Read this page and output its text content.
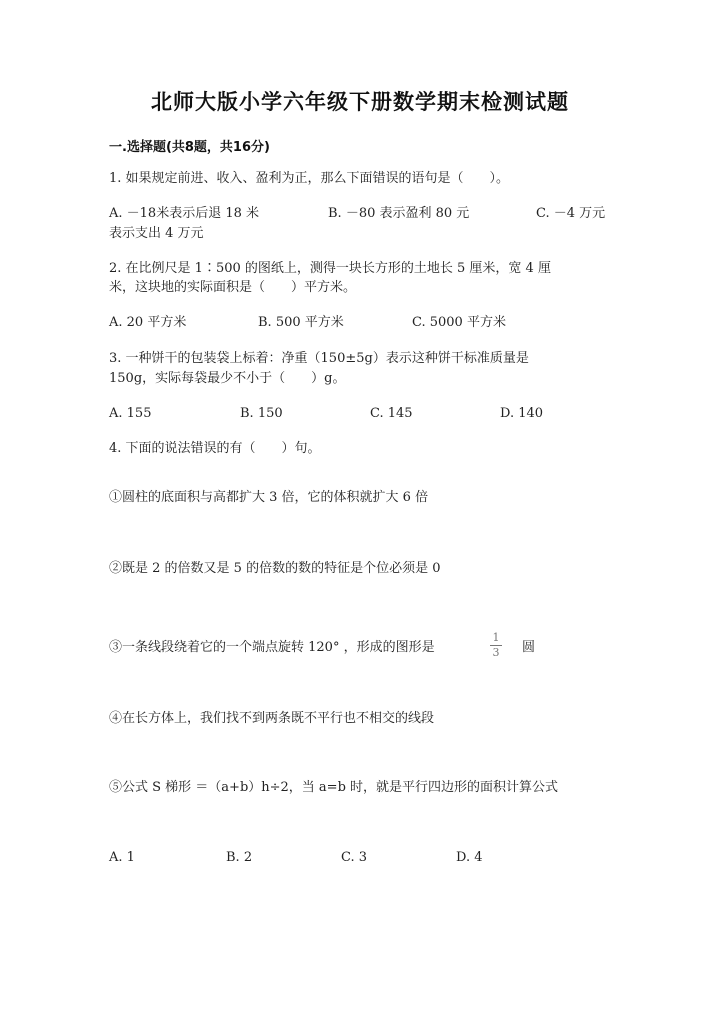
北师大版小学六年级下册数学期末检测试题
一.选择题(共8题，共16分)
1. 如果规定前进、收入、盈利为正，那么下面错误的语句是（　　）。
A. －18米表示后退 18 米	B. －80 表示盈利 80 元	C. －4 万元
表示支出 4 万元
2. 在比例尺是 1∶500 的图纸上，测得一块长方形的土地长 5 厘米，宽 4 厘
米，这块地的实际面积是（　　）平方米。
A. 20 平方米	B. 500 平方米	C. 5000 平方米
3. 一种饼干的包装袋上标着：净重（150±5g）表示这种饼干标准质量是
150g，实际每袋最少不小于（　　）g。
A. 155	B. 150	C. 145	D. 140
4. 下面的说法错误的有（　　）句。
①圆柱的底面积与高都扩大 3 倍，它的体积就扩大 6 倍
②既是 2 的倍数又是 5 的倍数的数的特征是个位必须是 0
③一条线段绕着它的一个端点旋转 120° ，形成的图形是
1
3	圆
④在长方体上，我们找不到两条既不平行也不相交的线段
⑤公式 S 梯形 ＝（a+b）h÷2，当 a=b 时，就是平行四边形的面积计算公式
A. 1	B. 2	C. 3	D. 4
